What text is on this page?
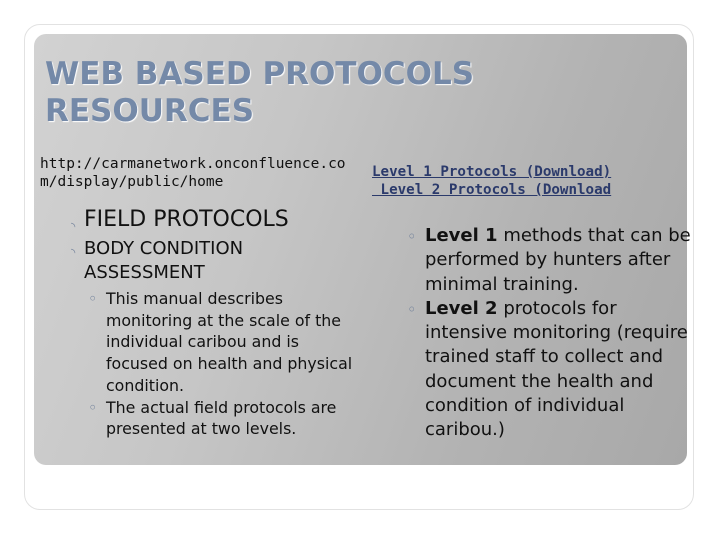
WEB BASED PROTOCOLS RESOURCES
http://carmanetwork.onconfluence.com/display/public/home
◝ FIELD PROTOCOLS
◝ BODY CONDITION ASSESSMENT
◦ This manual describes monitoring at the scale of the individual caribou and is focused on health and physical condition.
◦ The actual field protocols are presented at two levels.
Level 1 Protocols (Download)
Level 2 Protocols (Download
◦ Level 1 methods that can be performed by hunters after minimal training.
◦ Level 2 protocols for intensive monitoring (require trained staff to collect and document the health and condition of individual caribou.)
